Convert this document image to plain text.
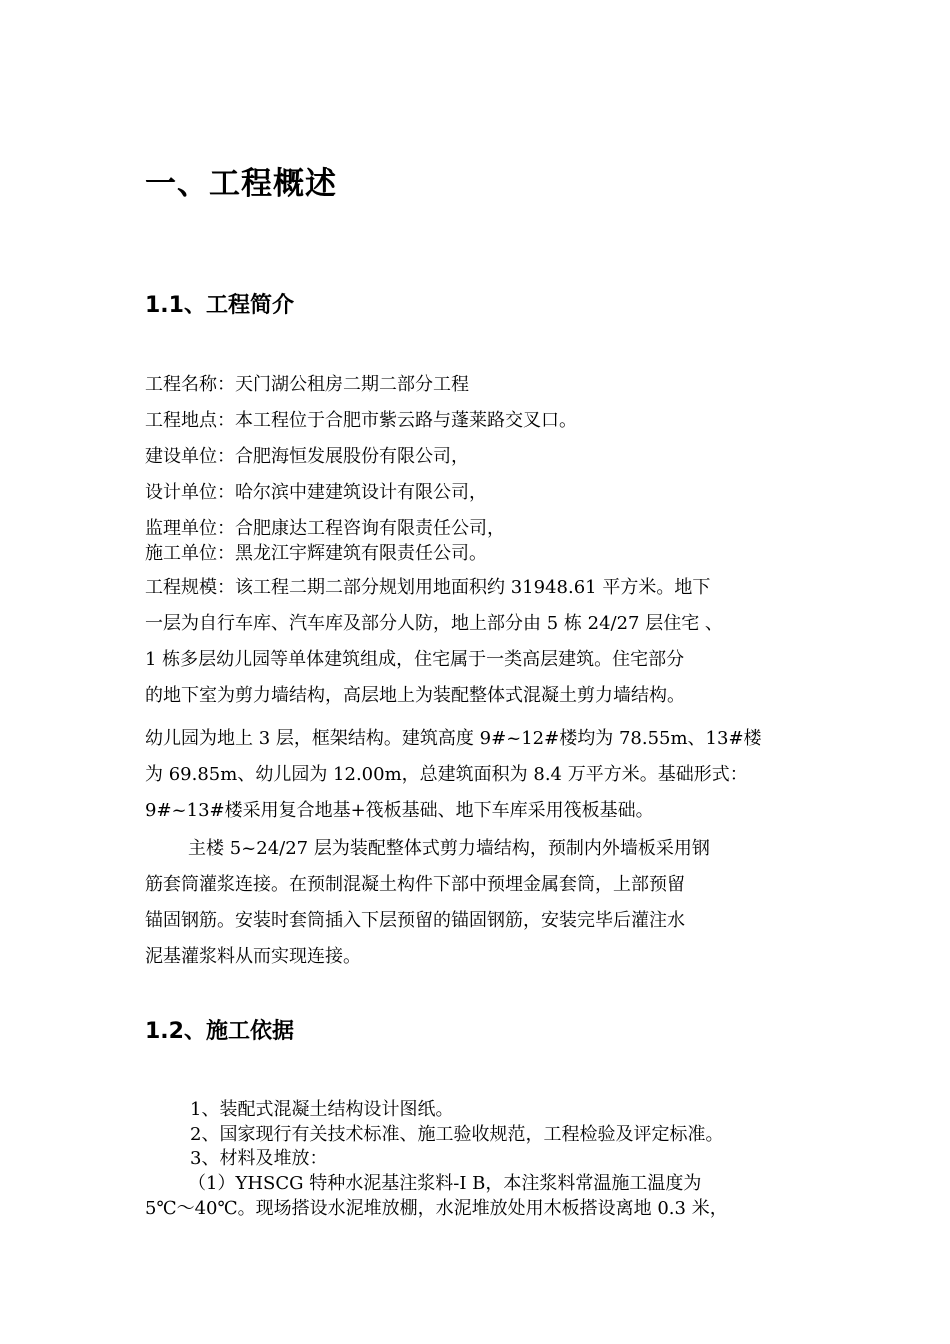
一、工程概述
1.1、工程简介
工程名称：天门湖公租房二期二部分工程
工程地点：本工程位于合肥市紫云路与蓬莱路交叉口。
建设单位：合肥海恒发展股份有限公司，
设计单位：哈尔滨中建建筑设计有限公司，
监理单位：合肥康达工程咨询有限责任公司，
施工单位：黑龙江宇辉建筑有限责任公司。
工程规模：该工程二期二部分规划用地面积约 31948.61 平方米。地下
一层为自行车库、汽车库及部分人防，地上部分由 5 栋 24/27 层住宅 、
1 栋多层幼儿园等单体建筑组成，住宅属于一类高层建筑。住宅部分
的地下室为剪力墙结构，高层地上为装配整体式混凝土剪力墙结构。
幼儿园为地上 3 层，框架结构。建筑高度 9#~12#楼均为 78.55m、13#楼
为 69.85m、幼儿园为 12.00m，总建筑面积为 8.4 万平方米。基础形式：
9#~13#楼采用复合地基+筏板基础、地下车库采用筏板基础。
主楼 5~24/27 层为装配整体式剪力墙结构，预制内外墙板采用钢
筋套筒灌浆连接。在预制混凝土构件下部中预埋金属套筒，上部预留
锚固钢筋。安装时套筒插入下层预留的锚固钢筋，安装完毕后灌注水
泥基灌浆料从而实现连接。
1.2、施工依据
1、装配式混凝土结构设计图纸。
2、国家现行有关技术标准、施工验收规范，工程检验及评定标准。
3、材料及堆放：
（1）YHSCG 特种水泥基注浆料-I B，本注浆料常温施工温度为
5℃～40℃。现场搭设水泥堆放棚，水泥堆放处用木板搭设离地 0.3 米，
